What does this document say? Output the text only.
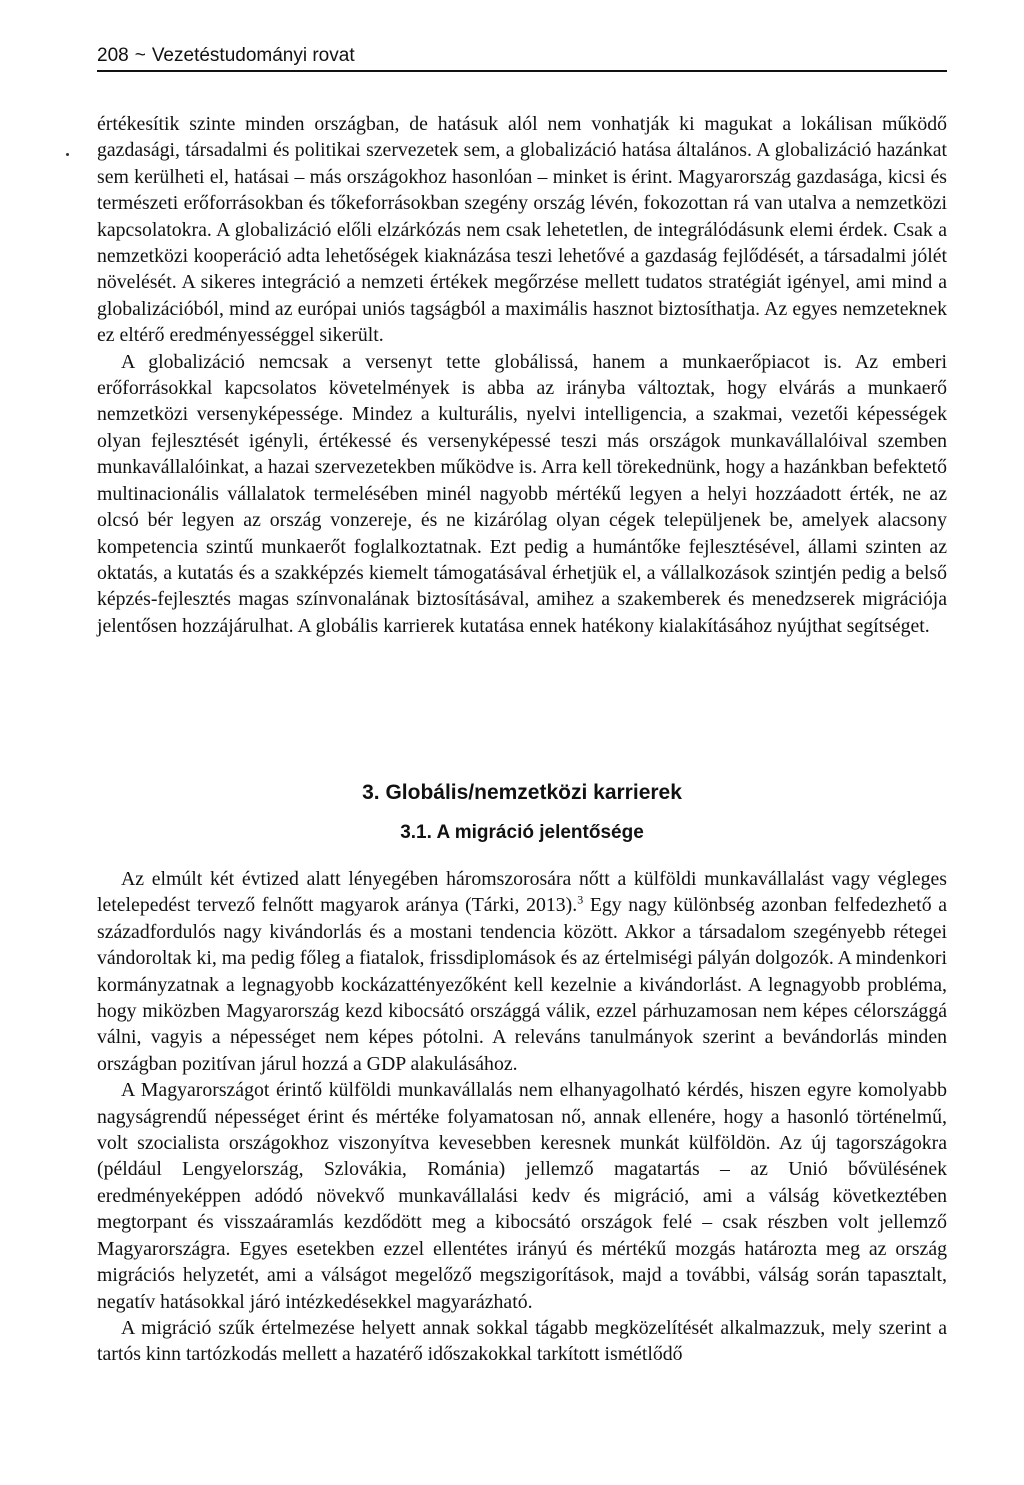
208 ~ Vezetéstudományi rovat

értékesítik szinte minden országban, de hatásuk alól nem vonhatják ki magukat a lokálisan működő gazdasági, társadalmi és politikai szervezetek sem, a globalizáció hatása általános. A globalizáció hazánkat sem kerülheti el, hatásai – más országokhoz hasonlóan – minket is érint. Magyarország gazdasága, kicsi és természeti erőforrásokban és tőkeforrásokban szegény ország lévén, fokozottan rá van utalva a nemzetközi kapcsolatokra. A globalizáció előli elzárkózás nem csak lehetetlen, de integrálódásunk elemi érdek. Csak a nemzetközi kooperáció adta lehetőségek kiaknázása teszi lehetővé a gazdaság fejlődését, a társadalmi jólét növelését. A sikeres integráció a nemzeti értékek megőrzése mellett tudatos stratégiát igényel, ami mind a globalizációból, mind az európai uniós tagságból a maximális hasznot biztosíthatja. Az egyes nemzeteknek ez eltérő eredményességgel sikerült.

A globalizáció nemcsak a versenyt tette globálissá, hanem a munkaerőpiacot is. Az emberi erőforrásokkal kapcsolatos követelmények is abba az irányba változtak, hogy elvárás a munkaerő nemzetközi versenyképessége. Mindez a kulturális, nyelvi intelligencia, a szakmai, vezetői képességek olyan fejlesztését igényli, értékessé és versenyképessé teszi más országok munkavállalóival szemben munkavállalóinkat, a hazai szervezetekben működve is. Arra kell törekednünk, hogy a hazánkban befektető multinacionális vállalatok termelésében minél nagyobb mértékű legyen a helyi hozzáadott érték, ne az olcsó bér legyen az ország vonzereje, és ne kizárólag olyan cégek települjenek be, amelyek alacsony kompetencia szintű munkaerőt foglalkoztatnak. Ezt pedig a humántőke fejlesztésével, állami szinten az oktatás, a kutatás és a szakképzés kiemelt támogatásával érhetjük el, a vállalkozások szintjén pedig a belső képzés-fejlesztés magas színvonalának biztosításával, amihez a szakemberek és menedzserek migrációja jelentősen hozzájárulhat. A globális karrierek kutatása ennek hatékony kialakításához nyújthat segítséget.

3. Globális/nemzetközi karrierek
3.1. A migráció jelentősége

Az elmúlt két évtized alatt lényegében háromszorosára nőtt a külföldi munkavállalást vagy végleges letelepedést tervező felnőtt magyarok aránya (Tárki, 2013).$^3$ Egy nagy különbség azonban felfedezhető a századfordulós nagy kivándorlás és a mostani tendencia között. Akkor a társadalom szegényebb rétegei vándoroltak ki, ma pedig főleg a fiatalok, frissdiplomások és az értelmiségi pályán dolgozók. A mindenkori kormányzatnak a legnagyobb kockázattényezőként kell kezelnie a kivándorlást. A legnagyobb probléma, hogy miközben Magyarország kezd kibocsátó országgá válik, ezzel párhuzamosan nem képes célországgá válni, vagyis a népességet nem képes pótolni. A releváns tanulmányok szerint a bevándorlás minden országban pozitívan járul hozzá a GDP alakulásához.

A Magyarországot érintő külföldi munkavállalás nem elhanyagolható kérdés, hiszen egyre komolyabb nagyságrendű népességet érint és mértéke folyamatosan nő, annak ellenére, hogy a hasonló történelmű, volt szocialista országokhoz viszonyítva kevesebben keresnek munkát külföldön. Az új tagországokra (például Lengyelország, Szlovákia, Románia) jellemző magatartás – az Unió bővülésének eredményeképpen adódó növekvő munkavállalási kedv és migráció, ami a válság következtében megtorpant és visszaáramlás kezdődött meg a kibocsátó országok felé – csak részben volt jellemző Magyarországra. Egyes esetekben ezzel ellentétes irányú és mértékű mozgás határozta meg az ország migrációs helyzetét, ami a válságot megelőző megszigorítások, majd a további, válság során tapasztalt, negatív hatásokkal járó intézkedésekkel magyarázható.

A migráció szűk értelmezése helyett annak sokkal tágabb megközelítését alkalmazzuk, mely szerint a tartós kinn tartózkodás mellett a hazatérő időszakokkal tarkított ismétlődő
